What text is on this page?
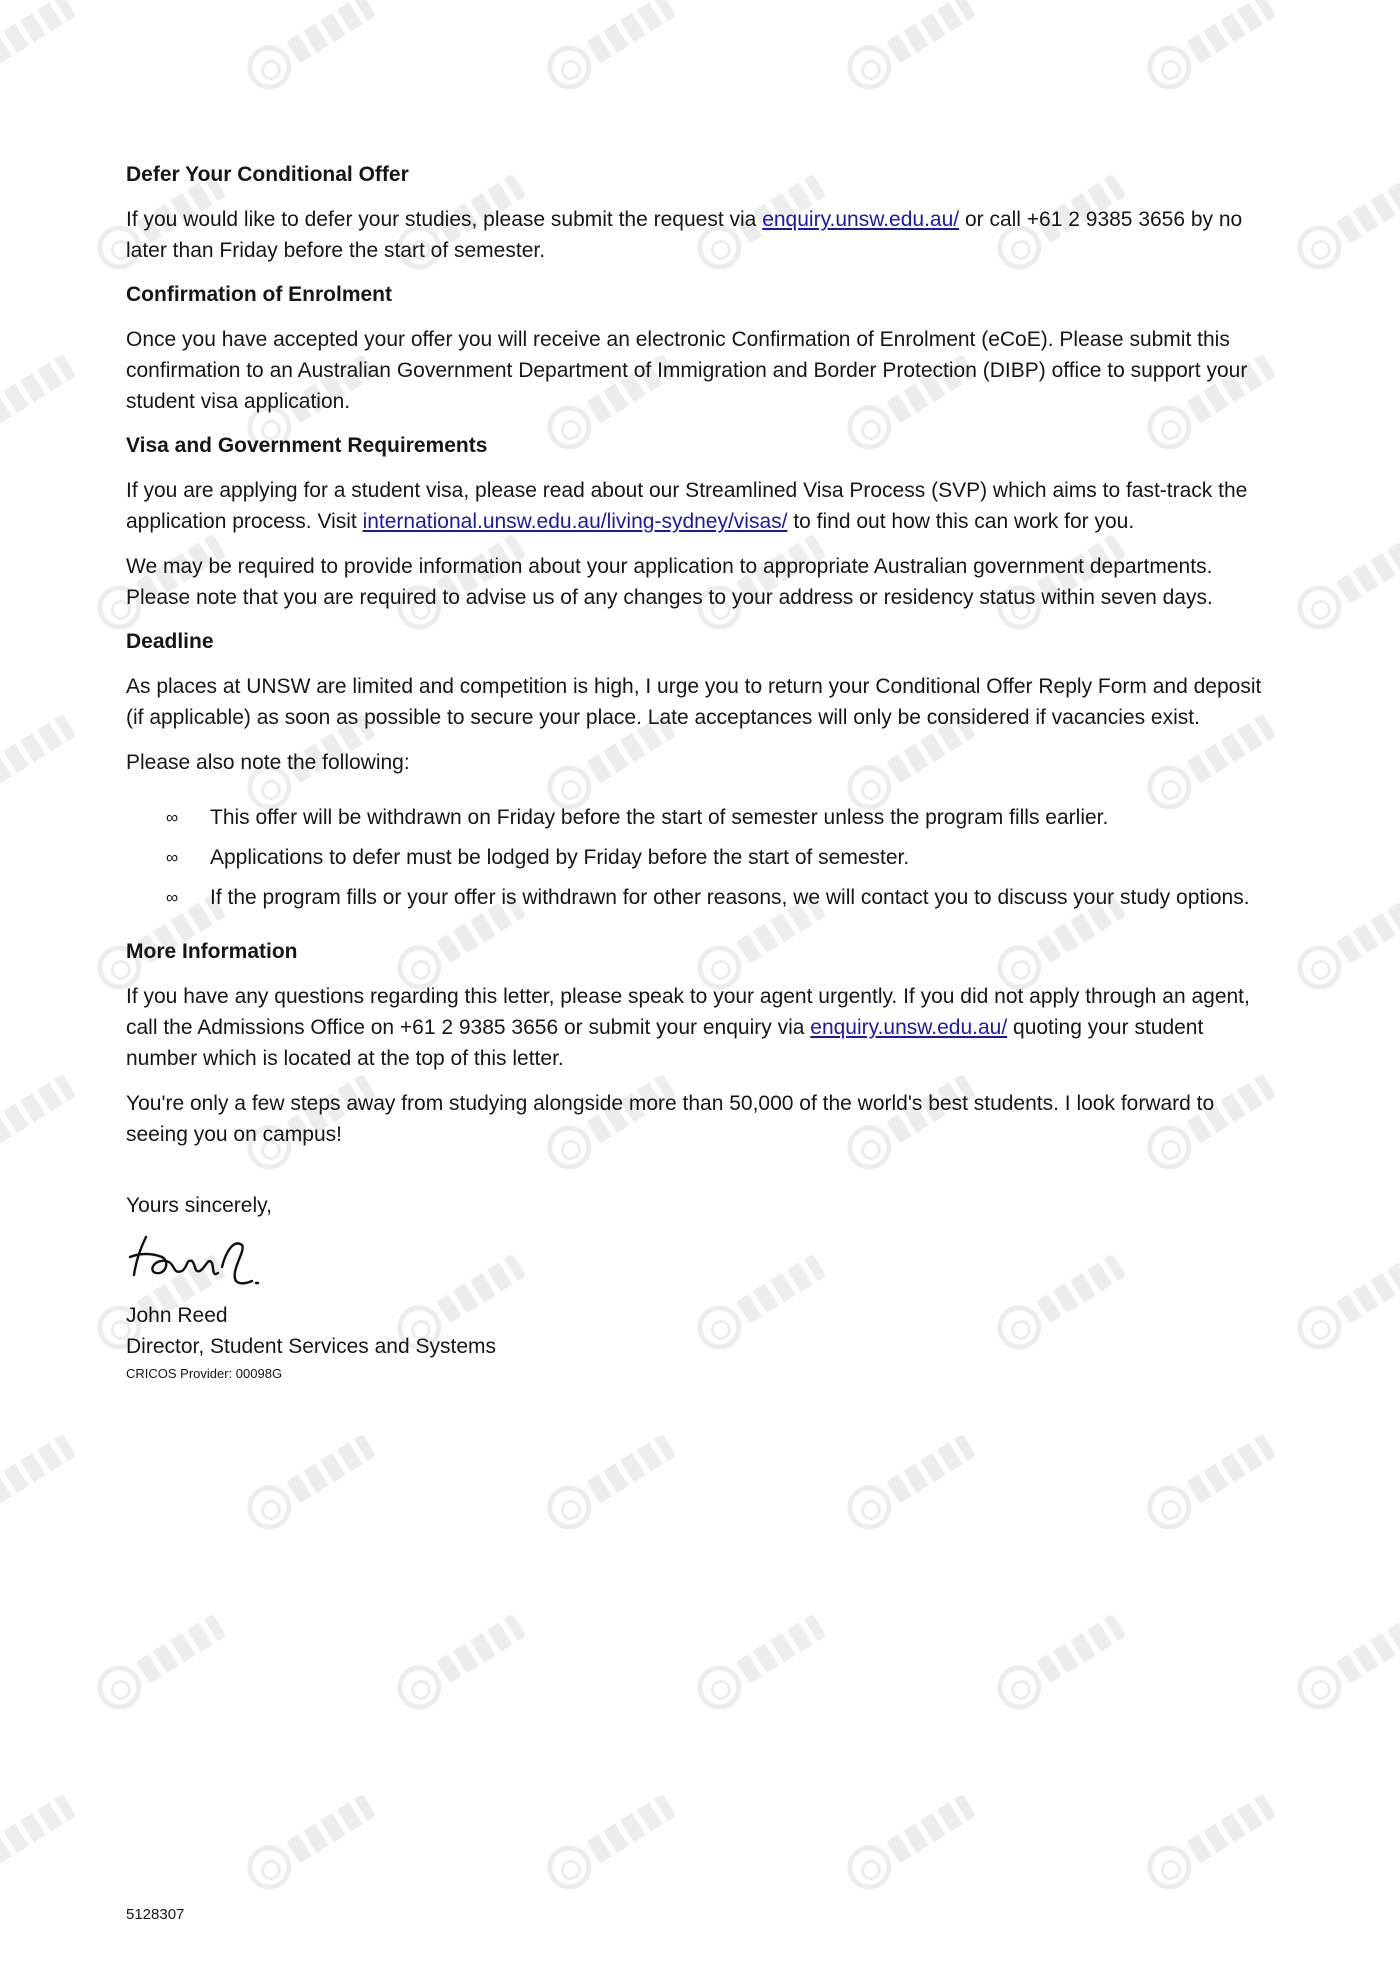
Defer Your Conditional Offer

If you would like to defer your studies, please submit the request via enquiry.unsw.edu.au/ or call +61 2 9385 3656 by no later than Friday before the start of semester.

Confirmation of Enrolment

Once you have accepted your offer you will receive an electronic Confirmation of Enrolment (eCoE). Please submit this confirmation to an Australian Government Department of Immigration and Border Protection (DIBP) office to support your student visa application.

Visa and Government Requirements

If you are applying for a student visa, please read about our Streamlined Visa Process (SVP) which aims to fast-track the application process. Visit international.unsw.edu.au/living-sydney/visas/ to find out how this can work for you.

We may be required to provide information about your application to appropriate Australian government departments. Please note that you are required to advise us of any changes to your address or residency status within seven days.

Deadline

As places at UNSW are limited and competition is high, I urge you to return your Conditional Offer Reply Form and deposit (if applicable) as soon as possible to secure your place. Late acceptances will only be considered if vacancies exist.

Please also note the following:

∞ This offer will be withdrawn on Friday before the start of semester unless the program fills earlier.
∞ Applications to defer must be lodged by Friday before the start of semester.
∞ If the program fills or your offer is withdrawn for other reasons, we will contact you to discuss your study options.
More Information

If you have any questions regarding this letter, please speak to your agent urgently. If you did not apply through an agent, call the Admissions Office on +61 2 9385 3656 or submit your enquiry via enquiry.unsw.edu.au/ quoting your student number which is located at the top of this letter.

You're only a few steps away from studying alongside more than 50,000 of the world's best students. I look forward to seeing you on campus!

Yours sincerely,

John Reed

Director, Student Services and Systems

CRICOS Provider: 00098G
5128307
